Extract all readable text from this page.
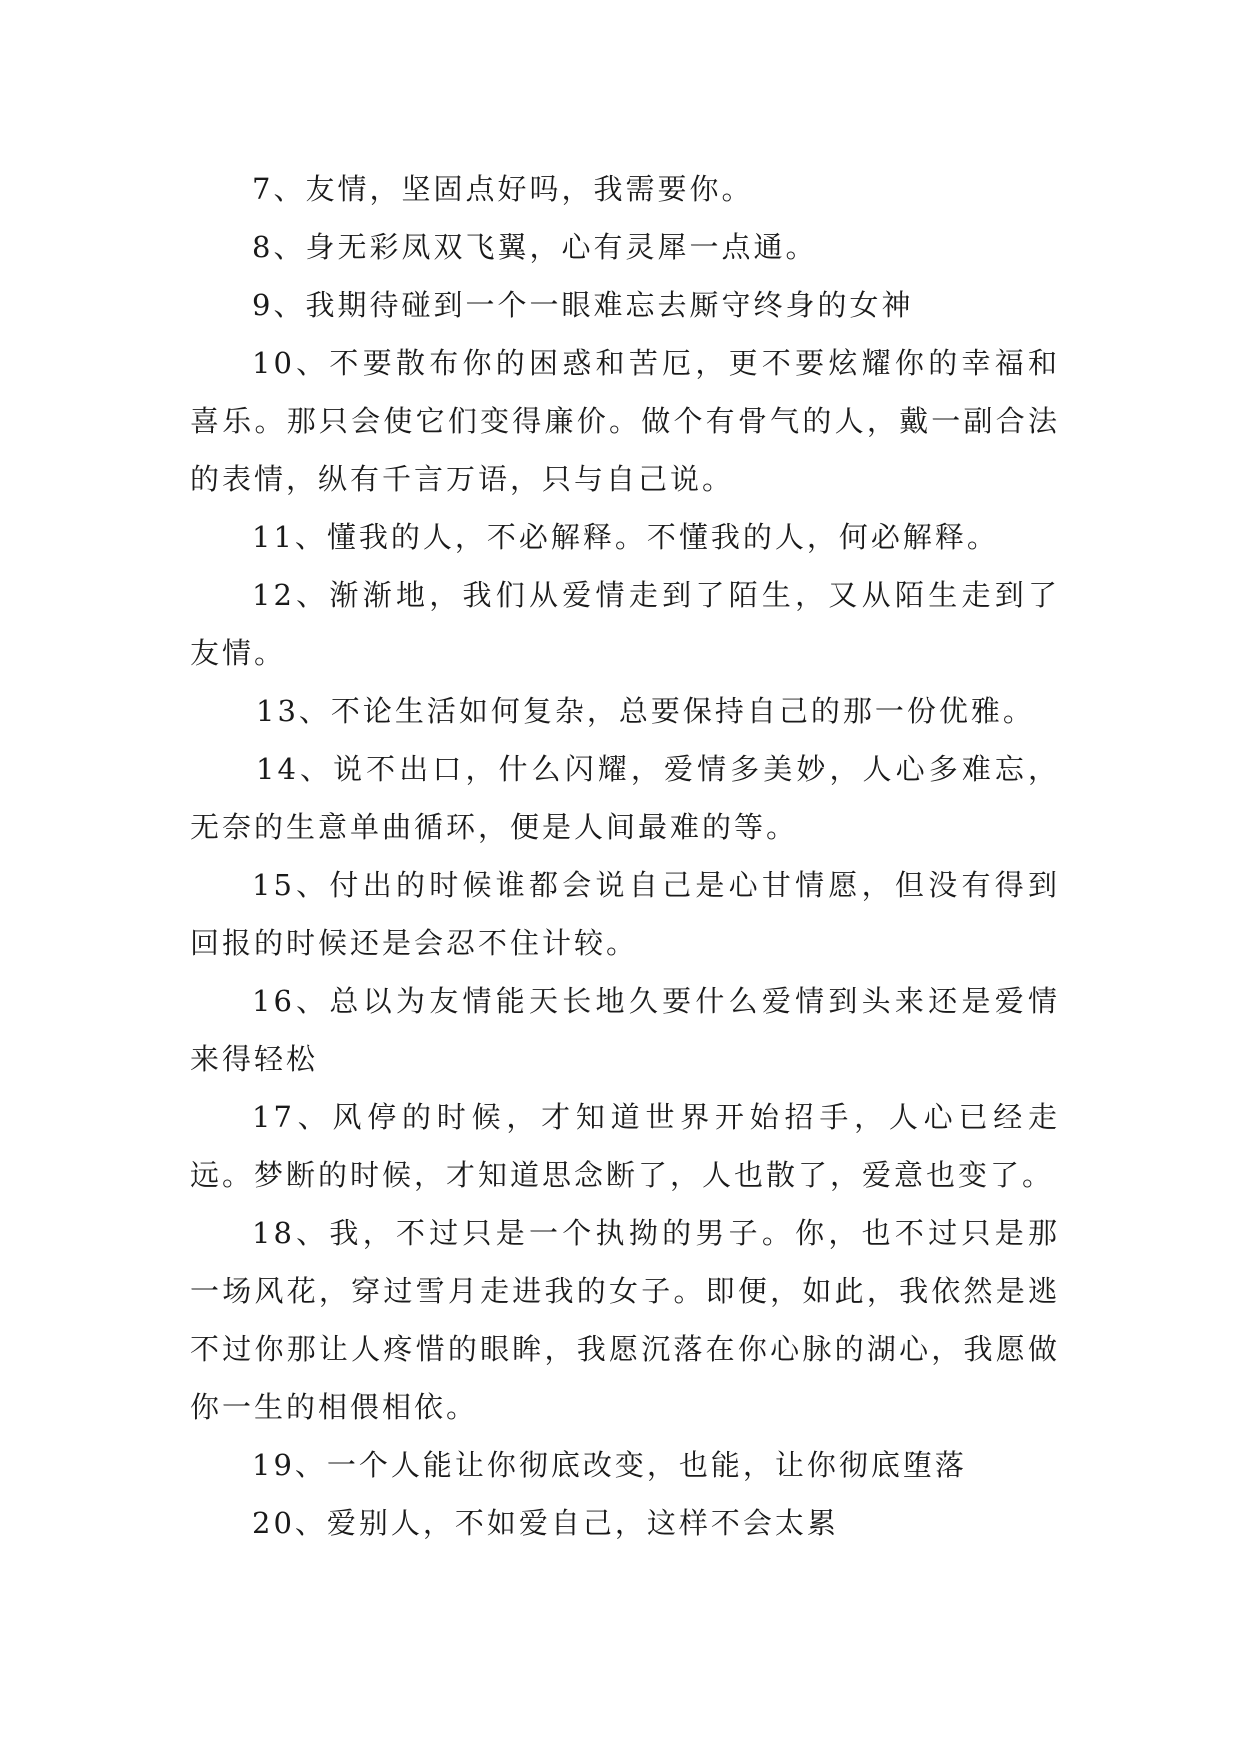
7、友情，坚固点好吗，我需要你。

8、身无彩凤双飞翼，心有灵犀一点通。

9、我期待碰到一个一眼难忘去厮守终身的女神

10、不要散布你的困惑和苦厄，更不要炫耀你的幸福和喜乐。那只会使它们变得廉价。做个有骨气的人，戴一副合法的表情，纵有千言万语，只与自己说。

11、懂我的人，不必解释。不懂我的人，何必解释。

12、渐渐地，我们从爱情走到了陌生，又从陌生走到了友情。

13、不论生活如何复杂，总要保持自己的那一份优雅。

14、说不出口，什么闪耀，爱情多美妙，人心多难忘，无奈的生意单曲循环，便是人间最难的等。

15、付出的时候谁都会说自己是心甘情愿，但没有得到回报的时候还是会忍不住计较。

16、总以为友情能天长地久要什么爱情到头来还是爱情来得轻松

17、风停的时候，才知道世界开始招手，人心已经走远。梦断的时候，才知道思念断了，人也散了，爱意也变了。

18、我，不过只是一个执拗的男子。你，也不过只是那一场风花，穿过雪月走进我的女子。即便，如此，我依然是逃不过你那让人疼惜的眼眸，我愿沉落在你心脉的湖心，我愿做你一生的相偎相依。

19、一个人能让你彻底改变，也能，让你彻底堕落

20、爱别人，不如爱自己，这样不会太累
